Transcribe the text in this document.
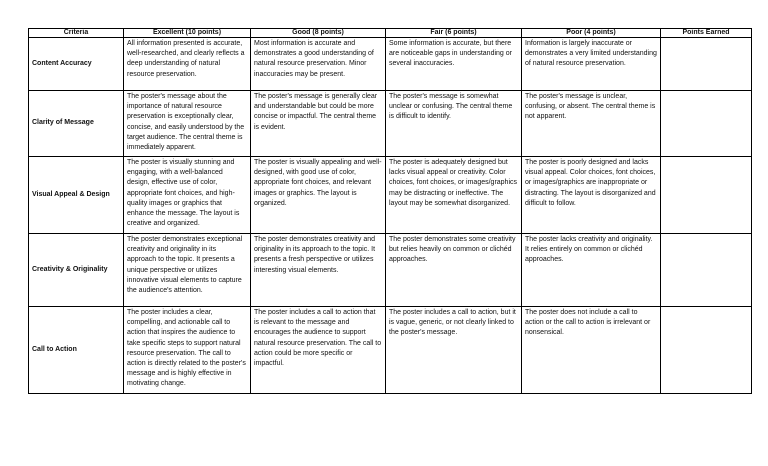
Criteria	Excellent (10 points)	Good (8 points)	Fair (6 points)	Poor (4 points)	Points Earned
Content Accuracy	All information presented is accurate, well-researched, and clearly reflects a deep understanding of natural resource preservation.	Most information is accurate and demonstrates a good understanding of natural resource preservation. Minor inaccuracies may be present.	Some information is accurate, but there are noticeable gaps in understanding or several inaccuracies.	Information is largely inaccurate or demonstrates a very limited understanding of natural resource preservation.	
Clarity of Message	The poster's message about the importance of natural resource preservation is exceptionally clear, concise, and easily understood by the target audience. The central theme is immediately apparent.	The poster's message is generally clear and understandable but could be more concise or impactful. The central theme is evident.	The poster's message is somewhat unclear or confusing. The central theme is difficult to identify.	The poster's message is unclear, confusing, or absent. The central theme is not apparent.	
Visual Appeal & Design	The poster is visually stunning and engaging, with a well-balanced design, effective use of color, appropriate font choices, and high-quality images or graphics that enhance the message. The layout is creative and organized.	The poster is visually appealing and well-designed, with good use of color, appropriate font choices, and relevant images or graphics. The layout is organized.	The poster is adequately designed but lacks visual appeal or creativity. Color choices, font choices, or images/graphics may be distracting or ineffective. The layout may be somewhat disorganized.	The poster is poorly designed and lacks visual appeal. Color choices, font choices, or images/graphics are inappropriate or distracting. The layout is disorganized and difficult to follow.	
Creativity & Originality	The poster demonstrates exceptional creativity and originality in its approach to the topic. It presents a unique perspective or utilizes innovative visual elements to capture the audience's attention.	The poster demonstrates creativity and originality in its approach to the topic. It presents a fresh perspective or utilizes interesting visual elements.	The poster demonstrates some creativity but relies heavily on common or clichéd approaches.	The poster lacks creativity and originality. It relies entirely on common or clichéd approaches.	
Call to Action	The poster includes a clear, compelling, and actionable call to action that inspires the audience to take specific steps to support natural resource preservation. The call to action is directly related to the poster's message and is highly effective in motivating change.	The poster includes a call to action that is relevant to the message and encourages the audience to support natural resource preservation. The call to action could be more specific or impactful.	The poster includes a call to action, but it is vague, generic, or not clearly linked to the poster's message.	The poster does not include a call to action or the call to action is irrelevant or nonsensical.	
